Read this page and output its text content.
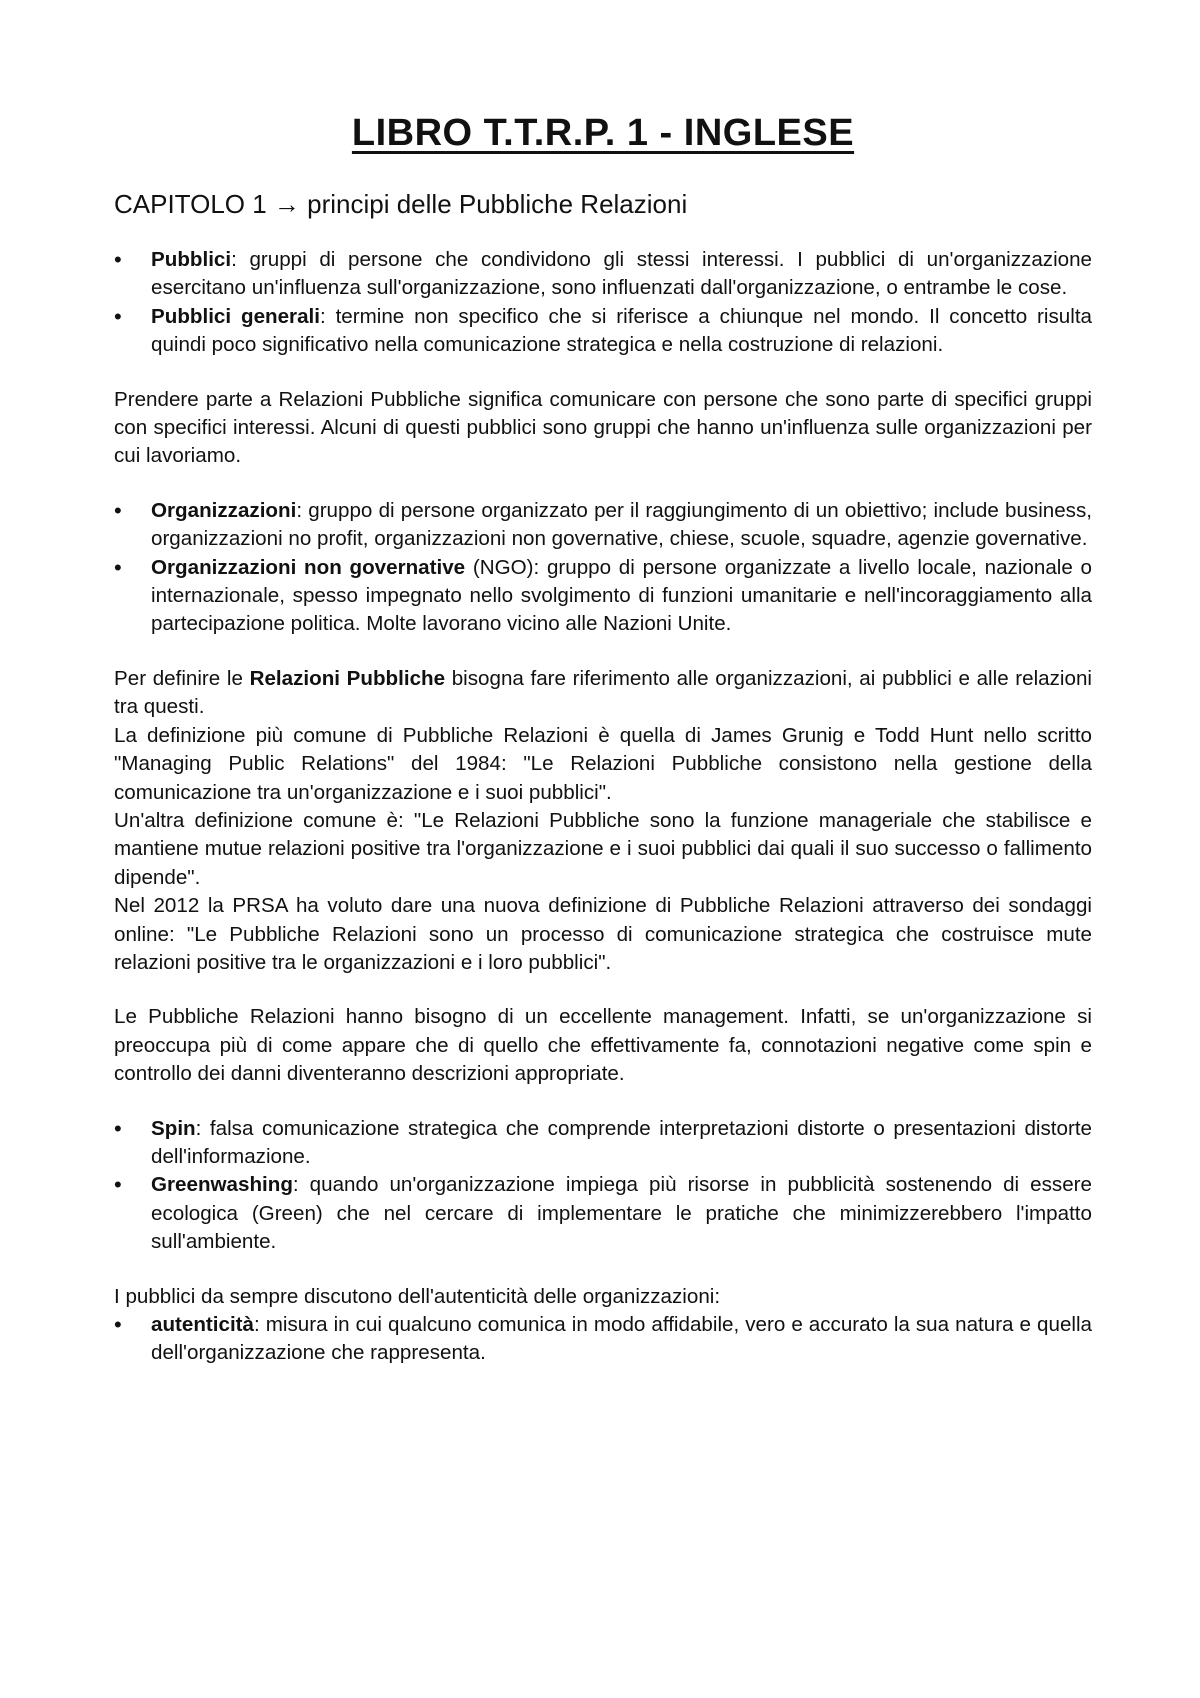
LIBRO T.T.R.P. 1 - INGLESE
CAPITOLO 1 → principi delle Pubbliche Relazioni
• Pubblici: gruppi di persone che condividono gli stessi interessi. I pubblici di un'organizzazione esercitano un'influenza sull'organizzazione, sono influenzati dall'organizzazione, o entrambe le cose.
• Pubblici generali: termine non specifico che si riferisce a chiunque nel mondo. Il concetto risulta quindi poco significativo nella comunicazione strategica e nella costruzione di relazioni.

Prendere parte a Relazioni Pubbliche significa comunicare con persone che sono parte di specifici gruppi con specifici interessi. Alcuni di questi pubblici sono gruppi che hanno un'influenza sulle organizzazioni per cui lavoriamo.

• Organizzazioni: gruppo di persone organizzato per il raggiungimento di un obiettivo; include business, organizzazioni no profit, organizzazioni non governative, chiese, scuole, squadre, agenzie governative.
• Organizzazioni non governative (NGO): gruppo di persone organizzate a livello locale, nazionale o internazionale, spesso impegnato nello svolgimento di funzioni umanitarie e nell'incoraggiamento alla partecipazione politica. Molte lavorano vicino alle Nazioni Unite.

Per definire le Relazioni Pubbliche bisogna fare riferimento alle organizzazioni, ai pubblici e alle relazioni tra questi.

La definizione più comune di Pubbliche Relazioni è quella di James Grunig e Todd Hunt nello scritto "Managing Public Relations" del 1984: "Le Relazioni Pubbliche consistono nella gestione della comunicazione tra un'organizzazione e i suoi pubblici".

Un'altra definizione comune è: "Le Relazioni Pubbliche sono la funzione manageriale che stabilisce e mantiene mutue relazioni positive tra l'organizzazione e i suoi pubblici dai quali il suo successo o fallimento dipende".

Nel 2012 la PRSA ha voluto dare una nuova definizione di Pubbliche Relazioni attraverso dei sondaggi online: "Le Pubbliche Relazioni sono un processo di comunicazione strategica che costruisce mute relazioni positive tra le organizzazioni e i loro pubblici".

Le Pubbliche Relazioni hanno bisogno di un eccellente management. Infatti, se un'organizzazione si preoccupa più di come appare che di quello che effettivamente fa, connotazioni negative come spin e controllo dei danni diventeranno descrizioni appropriate.

• Spin: falsa comunicazione strategica che comprende interpretazioni distorte o presentazioni distorte dell'informazione.
• Greenwashing: quando un'organizzazione impiega più risorse in pubblicità sostenendo di essere ecologica (Green) che nel cercare di implementare le pratiche che minimizzerebbero l'impatto sull'ambiente.

I pubblici da sempre discutono dell'autenticità delle organizzazioni:

• autenticità: misura in cui qualcuno comunica in modo affidabile, vero e accurato la sua natura e quella dell'organizzazione che rappresenta.
